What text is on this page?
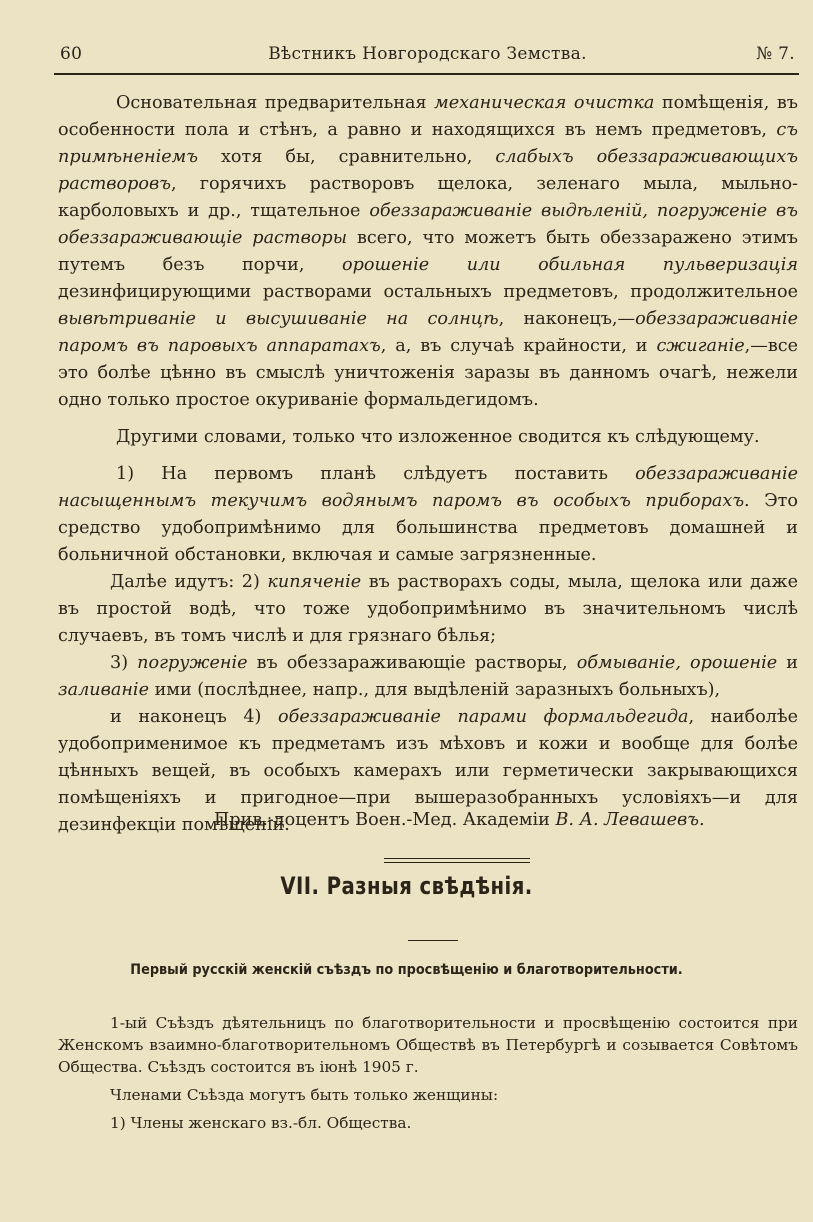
60	Вѣстникъ Новгородскаго Земства.	№ 7.

Основательная предварительная механическая очистка помѣщенія, въ особенности пола и стѣнъ, а равно и находящихся въ немъ предметовъ, съ примѣненіемъ хотя бы, сравнительно, слабыхъ обеззараживающихъ растворовъ, горячихъ растворовъ щелока, зеленаго мыла, мыльно-карболовыхъ и др., тщательное обеззараживаніе выдѣленій, погруженіе въ обеззараживающіе растворы всего, что можетъ быть обеззаражено этимъ путемъ безъ порчи, орошеніе или обильная пульверизація дезинфицирующими растворами остальныхъ предметовъ, продолжительное вывѣтриваніе и высушиваніе на солнцѣ, наконецъ,—обеззараживаніе паромъ въ паровыхъ аппаратахъ, а, въ случаѣ крайности, и сжиганіе,—все это болѣе цѣнно въ смыслѣ уничтоженія заразы въ данномъ очагѣ, нежели одно только простое окуриваніе формальдегидомъ.

Другими словами, только что изложенное сводится къ слѣдующему.

1) На первомъ планѣ слѣдуетъ поставить обеззараживаніе насыщеннымъ текучимъ водянымъ паромъ въ особыхъ приборахъ. Это средство удобопримѣнимо для большинства предметовъ домашней и больничной обстановки, включая и самые загрязненные.

Далѣе идутъ: 2) кипяченіе въ растворахъ соды, мыла, щелока или даже въ простой водѣ, что тоже удобопримѣнимо въ значительномъ числѣ случаевъ, въ томъ числѣ и для грязнаго бѣлья;

3) погруженіе въ обеззараживающіе растворы, обмываніе, орошеніе и заливаніе ими (послѣднее, напр., для выдѣленій заразныхъ больныхъ),

и наконецъ 4) обеззараживаніе парами формальдегида, наиболѣе удобоприменимое къ предметамъ изъ мѣховъ и кожи и вообще для болѣе цѣнныхъ вещей, въ особыхъ камерахъ или герметически закрывающихся помѣщеніяхъ и пригодное—при вышеразобранныхъ условіяхъ—и для дезинфекціи помѣщеній.

Прив.-доцентъ Воен.-Мед. Академіи В. А. Левашевъ.
VII. Разныя свѣдѣнія.
Первый русскій женскій съѣздъ по просвѣщенію и благотворительности.

1-ый Съѣздъ дѣятельницъ по благотворительности и просвѣщенію состоится при Женскомъ взаимно-благотворительномъ Обществѣ въ Петербургѣ и созывается Совѣтомъ Общества. Съѣздъ состоится въ іюнѣ 1905 г.

Членами Съѣзда могутъ быть только женщины:

1) Члены женскаго вз.-бл. Общества.
